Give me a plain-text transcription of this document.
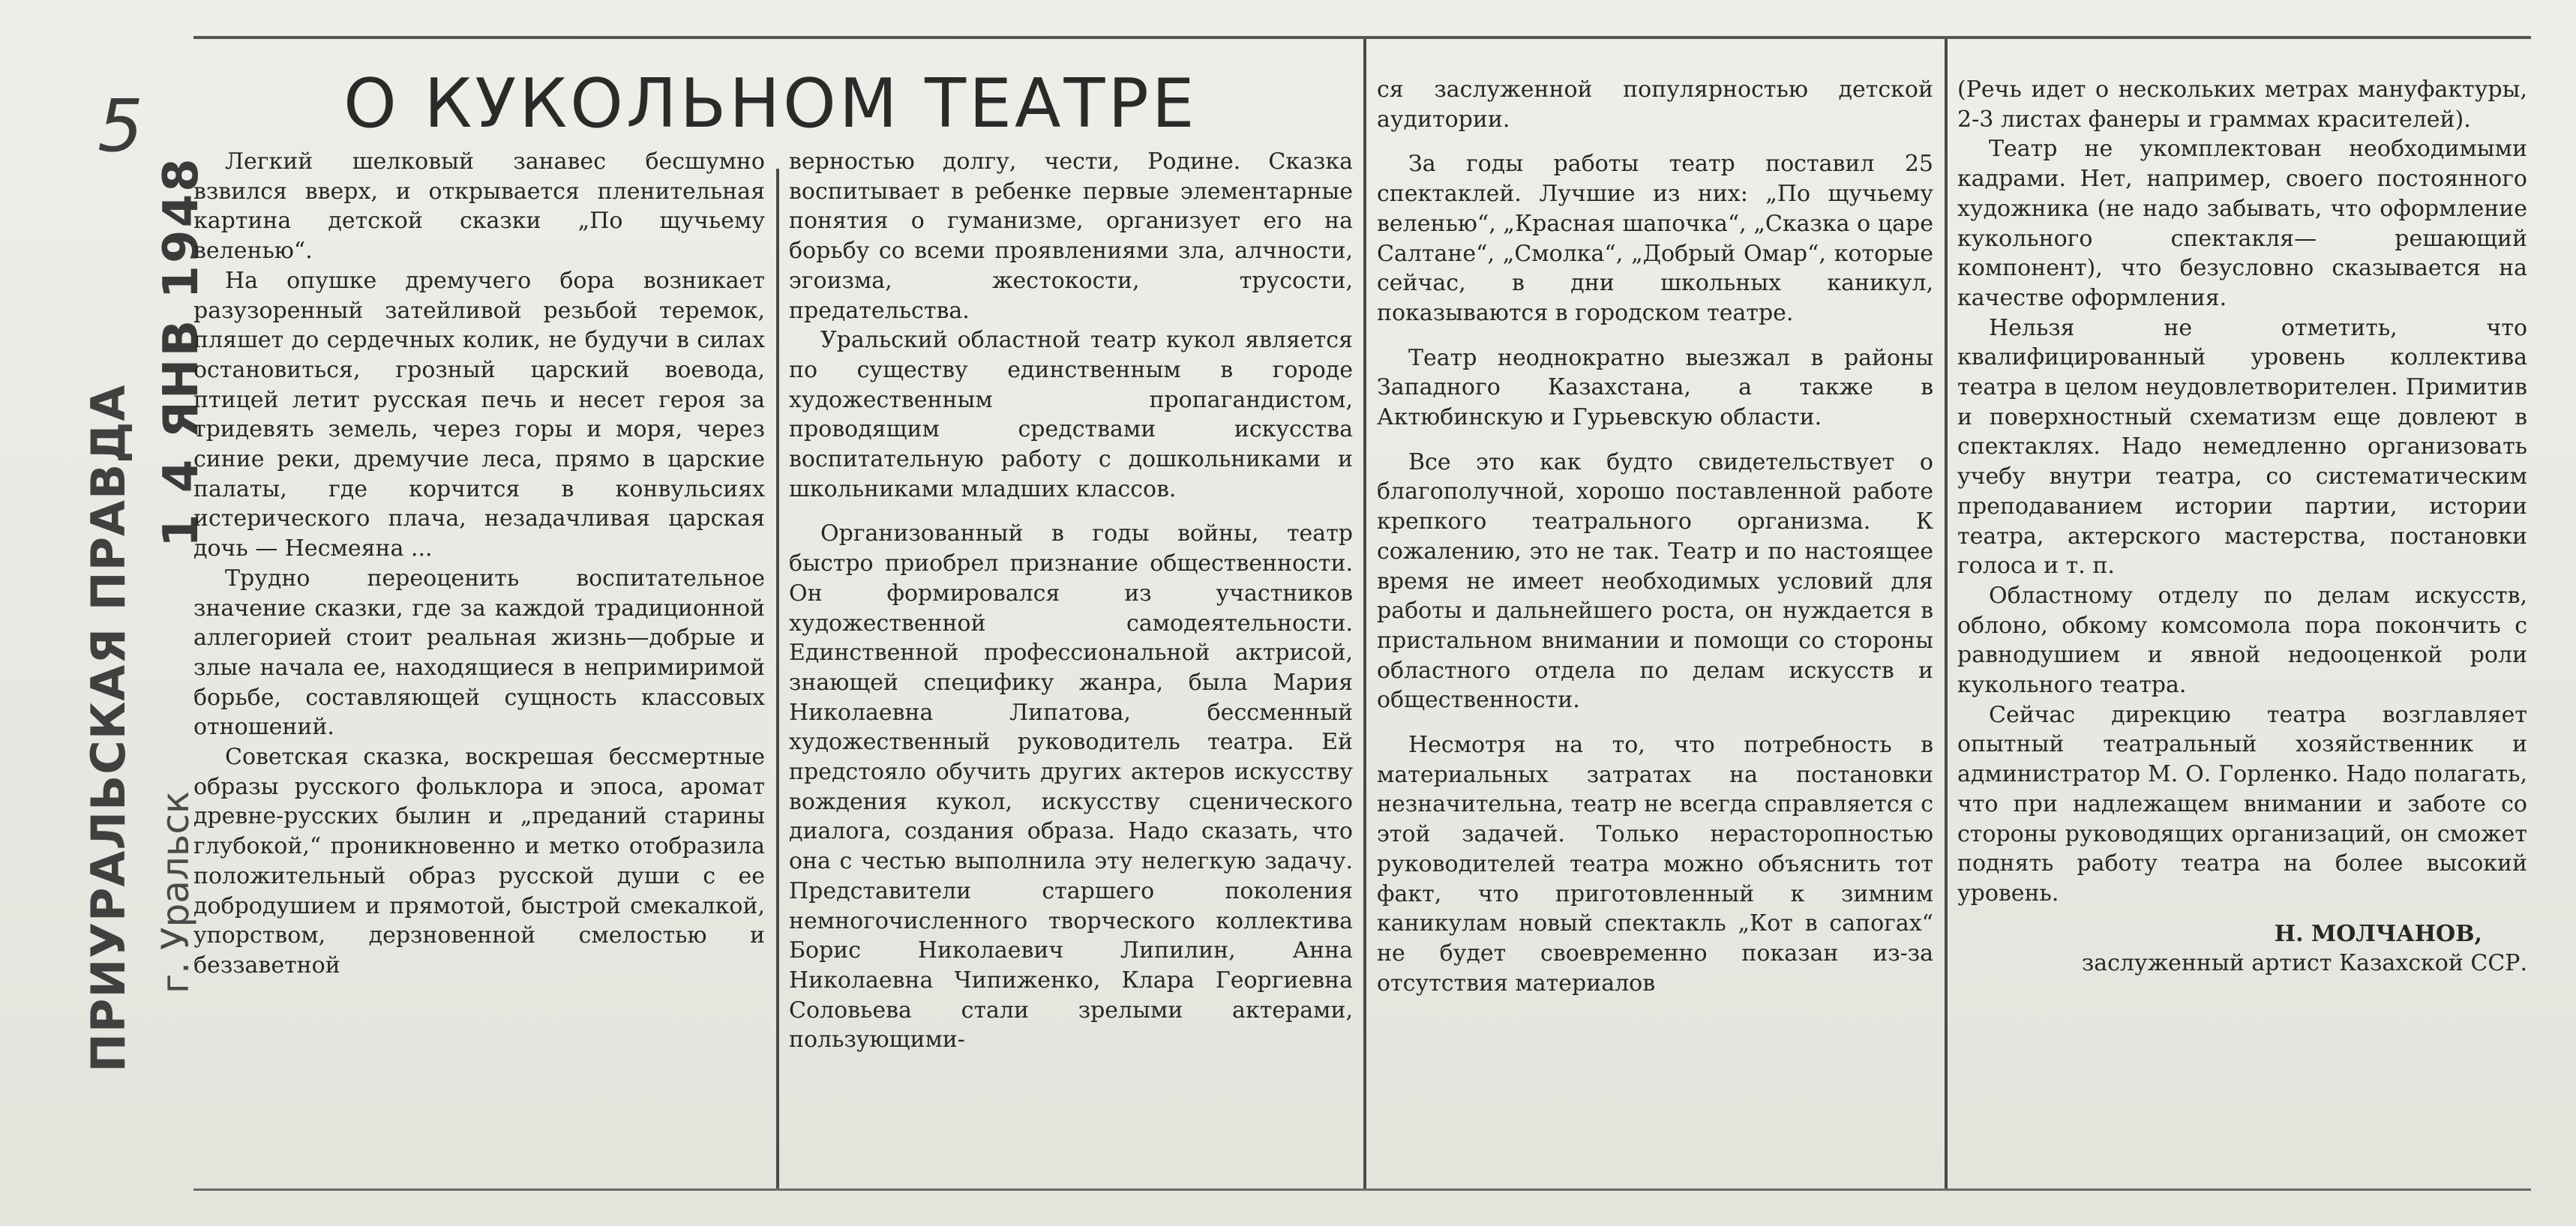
5
ПРИУРАЛЬСКАЯ ПРАВДА
1 4 ЯНВ 1948
г. Уральск
О КУКОЛЬНОМ ТЕАТРЕ

Легкий шелковый занавес бесшумно взвился вверх, и открывается пленительная картина детской сказки „По щучьему веленью“.

На опушке дремучего бора возникает разузоренный затейливой резьбой теремок, пляшет до сердечных колик, не будучи в силах остановиться, грозный царский воевода, птицей летит русская печь и несет героя за тридевять земель, через горы и моря, через синие реки, дремучие леса, прямо в царские палаты, где корчится в конвульсиях истерического плача, незадачливая царская дочь — Несмеяна ...

Трудно переоценить воспитательное значение сказки, где за каждой традиционной аллегорией стоит реальная жизнь—добрые и злые начала ее, находящиеся в непримиримой борьбе, составляющей сущность классовых отношений.

Советская сказка, воскрешая бессмертные образы русского фольклора и эпоса, аромат древне-русских былин и „преданий старины глубокой,“ проникновенно и метко отобразила положительный образ русской души с ее добродушием и прямотой, быстрой смекалкой, упорством, дерзновенной смелостью и беззаветной

верностью долгу, чести, Родине. Сказка воспитывает в ребенке первые элементарные понятия о гуманизме, организует его на борьбу со всеми проявлениями зла, алчности, эгоизма, жестокости, трусости, предательства.

Уральский областной театр кукол является по существу единственным в городе художественным пропагандистом, проводящим средствами искусства воспитательную работу с дошкольниками и школьниками младших классов.

Организованный в годы войны, театр быстро приобрел признание общественности. Он формировался из участников художественной самодеятельности. Единственной профессиональной актрисой, знающей специфику жанра, была Мария Николаевна Липатова, бессменный художественный руководитель театра. Ей предстояло обучить других актеров искусству вождения кукол, искусству сценического диалога, создания образа. Надо сказать, что она с честью выполнила эту нелегкую задачу. Представители старшего поколения немногочисленного творческого коллектива Борис Николаевич Липилин, Анна Николаевна Чипиженко, Клара Георгиевна Соловьева стали зрелыми актерами, пользующими-

ся заслуженной популярностью детской аудитории.

За годы работы театр поставил 25 спектаклей. Лучшие из них: „По щучьему веленью“, „Красная шапочка“, „Сказка о царе Салтане“, „Смолка“, „Добрый Омар“, которые сейчас, в дни школьных каникул, показываются в городском театре.

Театр неоднократно выезжал в районы Западного Казахстана, а также в Актюбинскую и Гурьевскую области.

Все это как будто свидетельствует о благополучной, хорошо поставленной работе крепкого театрального организма. К сожалению, это не так. Театр и по настоящее время не имеет необходимых условий для работы и дальнейшего роста, он нуждается в пристальном внимании и помощи со стороны областного отдела по делам искусств и общественности.

Несмотря на то, что потребность в материальных затратах на постановки незначительна, театр не всегда справляется с этой задачей. Только нерасторопностью руководителей театра можно объяснить тот факт, что приготовленный к зимним каникулам новый спектакль „Кот в сапогах“ не будет своевременно показан из-за отсутствия материалов

(Речь идет о нескольких метрах мануфактуры, 2-3 листах фанеры и граммах красителей).

Театр не укомплектован необходимыми кадрами. Нет, например, своего постоянного художника (не надо забывать, что оформление кукольного спектакля— решающий компонент), что безусловно сказывается на качестве оформления.

Нельзя не отметить, что квалифицированный уровень коллектива театра в целом неудовлетворителен. Примитив и поверхностный схематизм еще довлеют в спектаклях. Надо немедленно организовать учебу внутри театра, со систематическим преподаванием истории партии, истории театра, актерского мастерства, постановки голоса и т. п.

Областному отделу по делам искусств, облоно, обкому комсомола пора покончить с равнодушием и явной недооценкой роли кукольного театра.

Сейчас дирекцию театра возглавляет опытный театральный хозяйственник и администратор М. О. Горленко. Надо полагать, что при надлежащем внимании и заботе со стороны руководящих организаций, он сможет поднять работу театра на более высокий уровень.

Н. МОЛЧАНОВ,

заслуженный артист Казахской ССР.
